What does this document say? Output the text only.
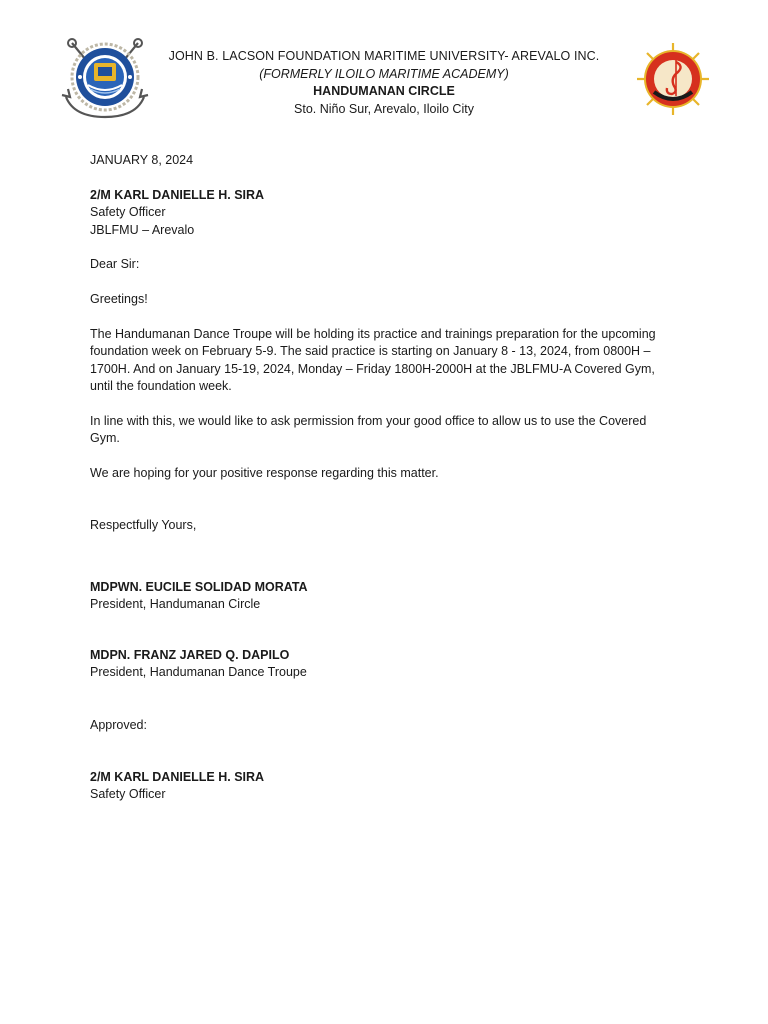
JOHN B. LACSON FOUNDATION MARITIME UNIVERSITY- AREVALO INC.
(FORMERLY ILOILO MARITIME ACADEMY)
HANDUMANAN CIRCLE
Sto. Niño Sur, Arevalo, Iloilo City

JANUARY 8, 2024

2/M KARL DANIELLE H. SIRA

Safety Officer

JBLFMU – Arevalo

Dear Sir:

Greetings!

The Handumanan Dance Troupe will be holding its practice and trainings preparation for the upcoming

foundation week on February 5-9. The said practice is starting on January 8 - 13, 2024, from 0800H –

1700H. And on January 15-19, 2024, Monday – Friday 1800H-2000H at the JBLFMU-A Covered Gym,

until the foundation week.

In line with this, we would like to ask permission from your good office to allow us to use the Covered

Gym.

We are hoping for your positive response regarding this matter.

Respectfully Yours,

MDPWN. EUCILE SOLIDAD MORATA

President, Handumanan Circle

MDPN. FRANZ JARED Q. DAPILO

President, Handumanan Dance Troupe

Approved:

2/M KARL DANIELLE H. SIRA

Safety Officer
